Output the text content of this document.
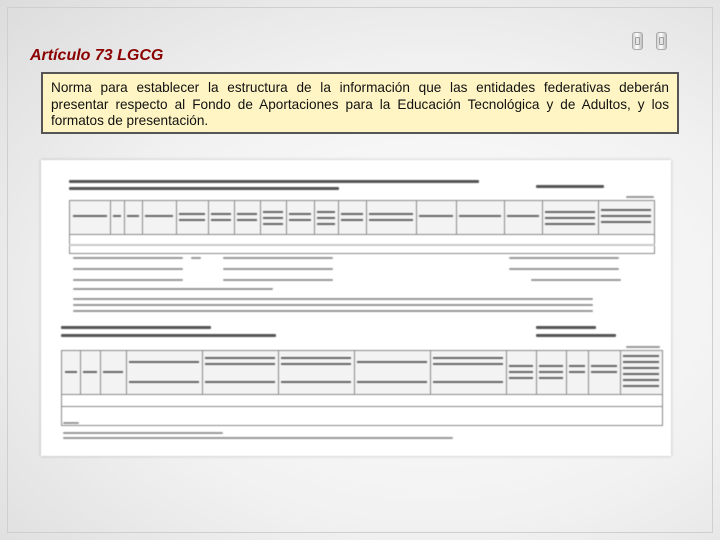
Artículo 73 LGCG
Norma para establecer la estructura de la información que las entidades federativas deberán presentar respecto al Fondo de Aportaciones para la Educación Tecnológica y de Adultos, y los formatos de presentación.
